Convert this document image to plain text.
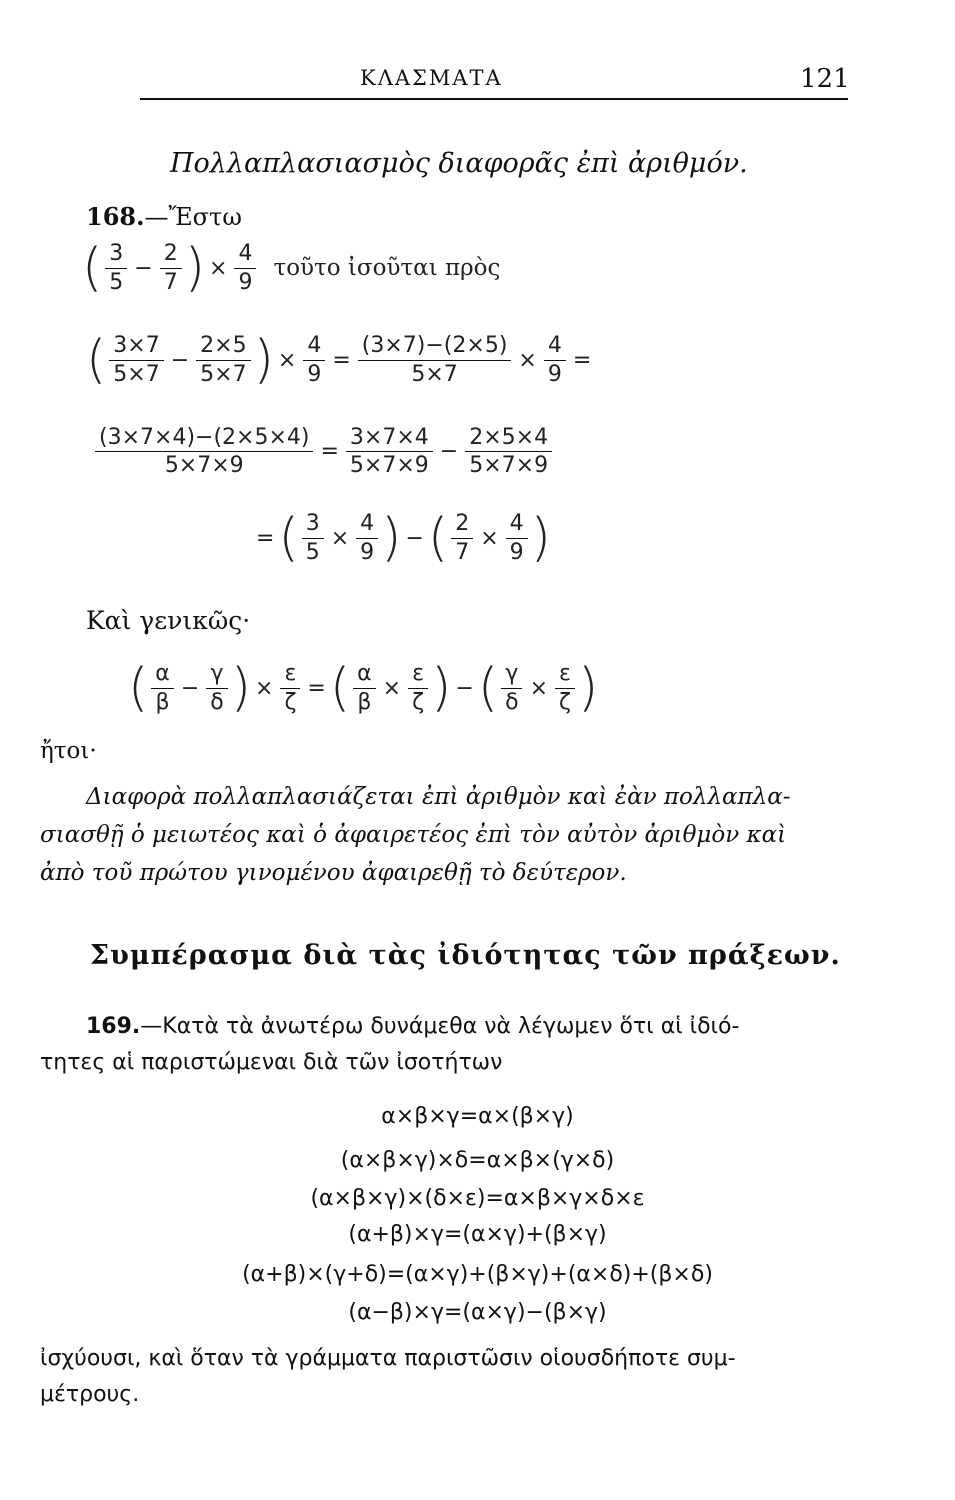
ΚΛΑΣΜΑΤΑ	121
Πολλαπλασιασμὸς διαφορᾶς ἐπὶ ἀριθμόν.
168.—Ἔστω
( $\frac{3}{5} - \frac{2}{7}$ ) × $\frac{4}{9}$ τοῦτο ἰσοῦται πρὸς
( $\frac{3\times 7}{5\times 7} - \frac{2\times 5}{5\times 7}$ ) × $\frac{4}{9} = \frac{(3\times 7)-(2\times 5)}{5\times 7} \times \frac{4}{9}$ =
$\frac{(3\times 7\times 4)-(2\times 5\times 4)}{5\times 7\times 9} = \frac{3\times 7\times 4}{5\times 7\times 9} - \frac{2\times 5\times 4}{5\times 7\times 9}$
= ( $\frac{3}{5} \times \frac{4}{9}$ ) − ( $\frac{2}{7} \times \frac{4}{9}$ )
Καὶ γενικῶς·
( $\frac{\alpha}{\beta} - \frac{\gamma}{\delta}$ ) × $\frac{\varepsilon}{\zeta}$ = ( $\frac{\alpha}{\beta} \times \frac{\varepsilon}{\zeta}$ ) − ( $\frac{\gamma}{\delta} \times \frac{\varepsilon}{\zeta}$ )
ἤτοι·
Διαφορὰ πολλαπλασιάζεται ἐπὶ ἀριθμὸν καὶ ἐὰν πολλαπλα-
σιασθῇ ὁ μειωτέος καὶ ὁ ἀφαιρετέος ἐπὶ τὸν αὐτὸν ἀριθμὸν καὶ
ἀπὸ τοῦ πρώτου γινομένου ἀφαιρεθῇ τὸ δεύτερον.
Συμπέρασμα διὰ τὰς ἰδιότητας τῶν πράξεων.
169.—Κατὰ τὰ ἀνωτέρω δυνάμεθα νὰ λέγωμεν ὅτι αἱ ἰδιό-
τητες αἱ παριστώμεναι διὰ τῶν ἰσοτήτων
α×β×γ=α×(β×γ)
(α×β×γ)×δ=α×β×(γ×δ)
(α×β×γ)×(δ×ε)=α×β×γ×δ×ε
(α+β)×γ=(α×γ)+(β×γ)
(α+β)×(γ+δ)=(α×γ)+(β×γ)+(α×δ)+(β×δ)
(α−β)×γ=(α×γ)−(β×γ)
ἰσχύουσι, καὶ ὅταν τὰ γράμματα παριστῶσιν οἱουσδήποτε συμ-
μέτρους.
